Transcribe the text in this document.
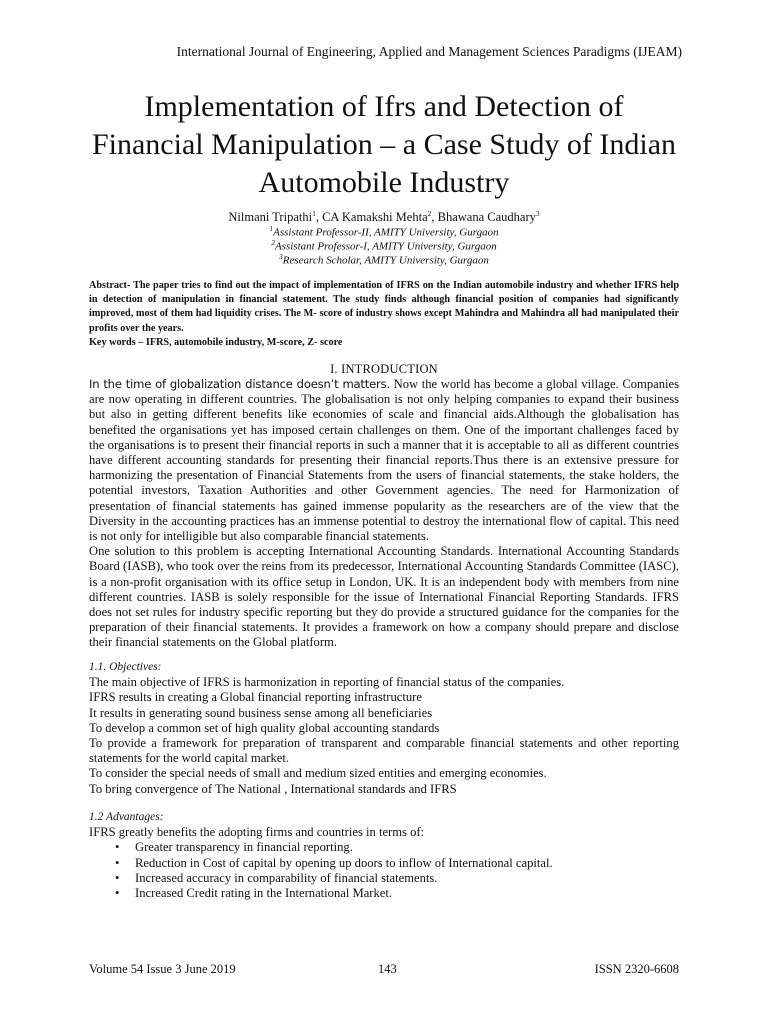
International Journal of Engineering, Applied and Management Sciences Paradigms (IJEAM)
Implementation of Ifrs and Detection of
Financial Manipulation – a Case Study of Indian
Automobile Industry
Nilmani Tripathi$^1$, CA Kamakshi Mehta$^2$, Bhawana Caudhary$^3$
$^1$Assistant Professor-II, AMITY University, Gurgaon
$^2$Assistant Professor-I, AMITY University, Gurgaon
$^3$Research Scholar, AMITY University, Gurgaon

Abstract- The paper tries to find out the impact of implementation of IFRS on the Indian automobile industry and whether IFRS help in detection of manipulation in financial statement. The study finds although financial position of companies had significantly improved, most of them had liquidity crises. The M- score of industry shows except Mahindra and Mahindra all had manipulated their profits over the years.

Key words – IFRS, automobile industry, M-score, Z- score

I. INTRODUCTION

In the time of globalization distance doesn’t matters. Now the world has become a global village. Companies are now operating in different countries. The globalisation is not only helping companies to expand their business but also in getting different benefits like economies of scale and financial aids.Although the globalisation has benefited the organisations yet has imposed certain challenges on them. One of the important challenges faced by the organisations is to present their financial reports in such a manner that it is acceptable to all as different countries have different accounting standards for presenting their financial reports.Thus there is an extensive pressure for harmonizing the presentation of Financial Statements from the users of financial statements, the stake holders, the potential investors, Taxation Authorities and other Government agencies. The need for Harmonization of presentation of financial statements has gained immense popularity as the researchers are of the view that the Diversity in the accounting practices has an immense potential to destroy the international flow of capital. This need is not only for intelligible but also comparable financial statements.

One solution to this problem is accepting International Accounting Standards. International Accounting Standards Board (IASB), who took over the reins from its predecessor, International Accounting Standards Committee (IASC), is a non-profit organisation with its office setup in London, UK. It is an independent body with members from nine different countries. IASB is solely responsible for the issue of International Financial Reporting Standards. IFRS does not set rules for industry specific reporting but they do provide a structured guidance for the companies for the preparation of their financial statements. It provides a framework on how a company should prepare and disclose their financial statements on the Global platform.

1.1. Objectives:

The main objective of IFRS is harmonization in reporting of financial status of the companies.

IFRS results in creating a Global financial reporting infrastructure

It results in generating sound business sense among all beneficiaries

To develop a common set of high quality global accounting standards

To provide a framework for preparation of transparent and comparable financial statements and other reporting statements for the world capital market.

To consider the special needs of small and medium sized entities and emerging economies.

To bring convergence of The National , International standards and IFRS

1.2 Advantages:

IFRS greatly benefits the adopting firms and countries in terms of:

• Greater transparency in financial reporting.
• Reduction in Cost of capital by opening up doors to inflow of International capital.
• Increased accuracy in comparability of financial statements.
• Increased Credit rating in the International Market.
Volume 54 Issue 3 June 2019	143	ISSN 2320-6608
